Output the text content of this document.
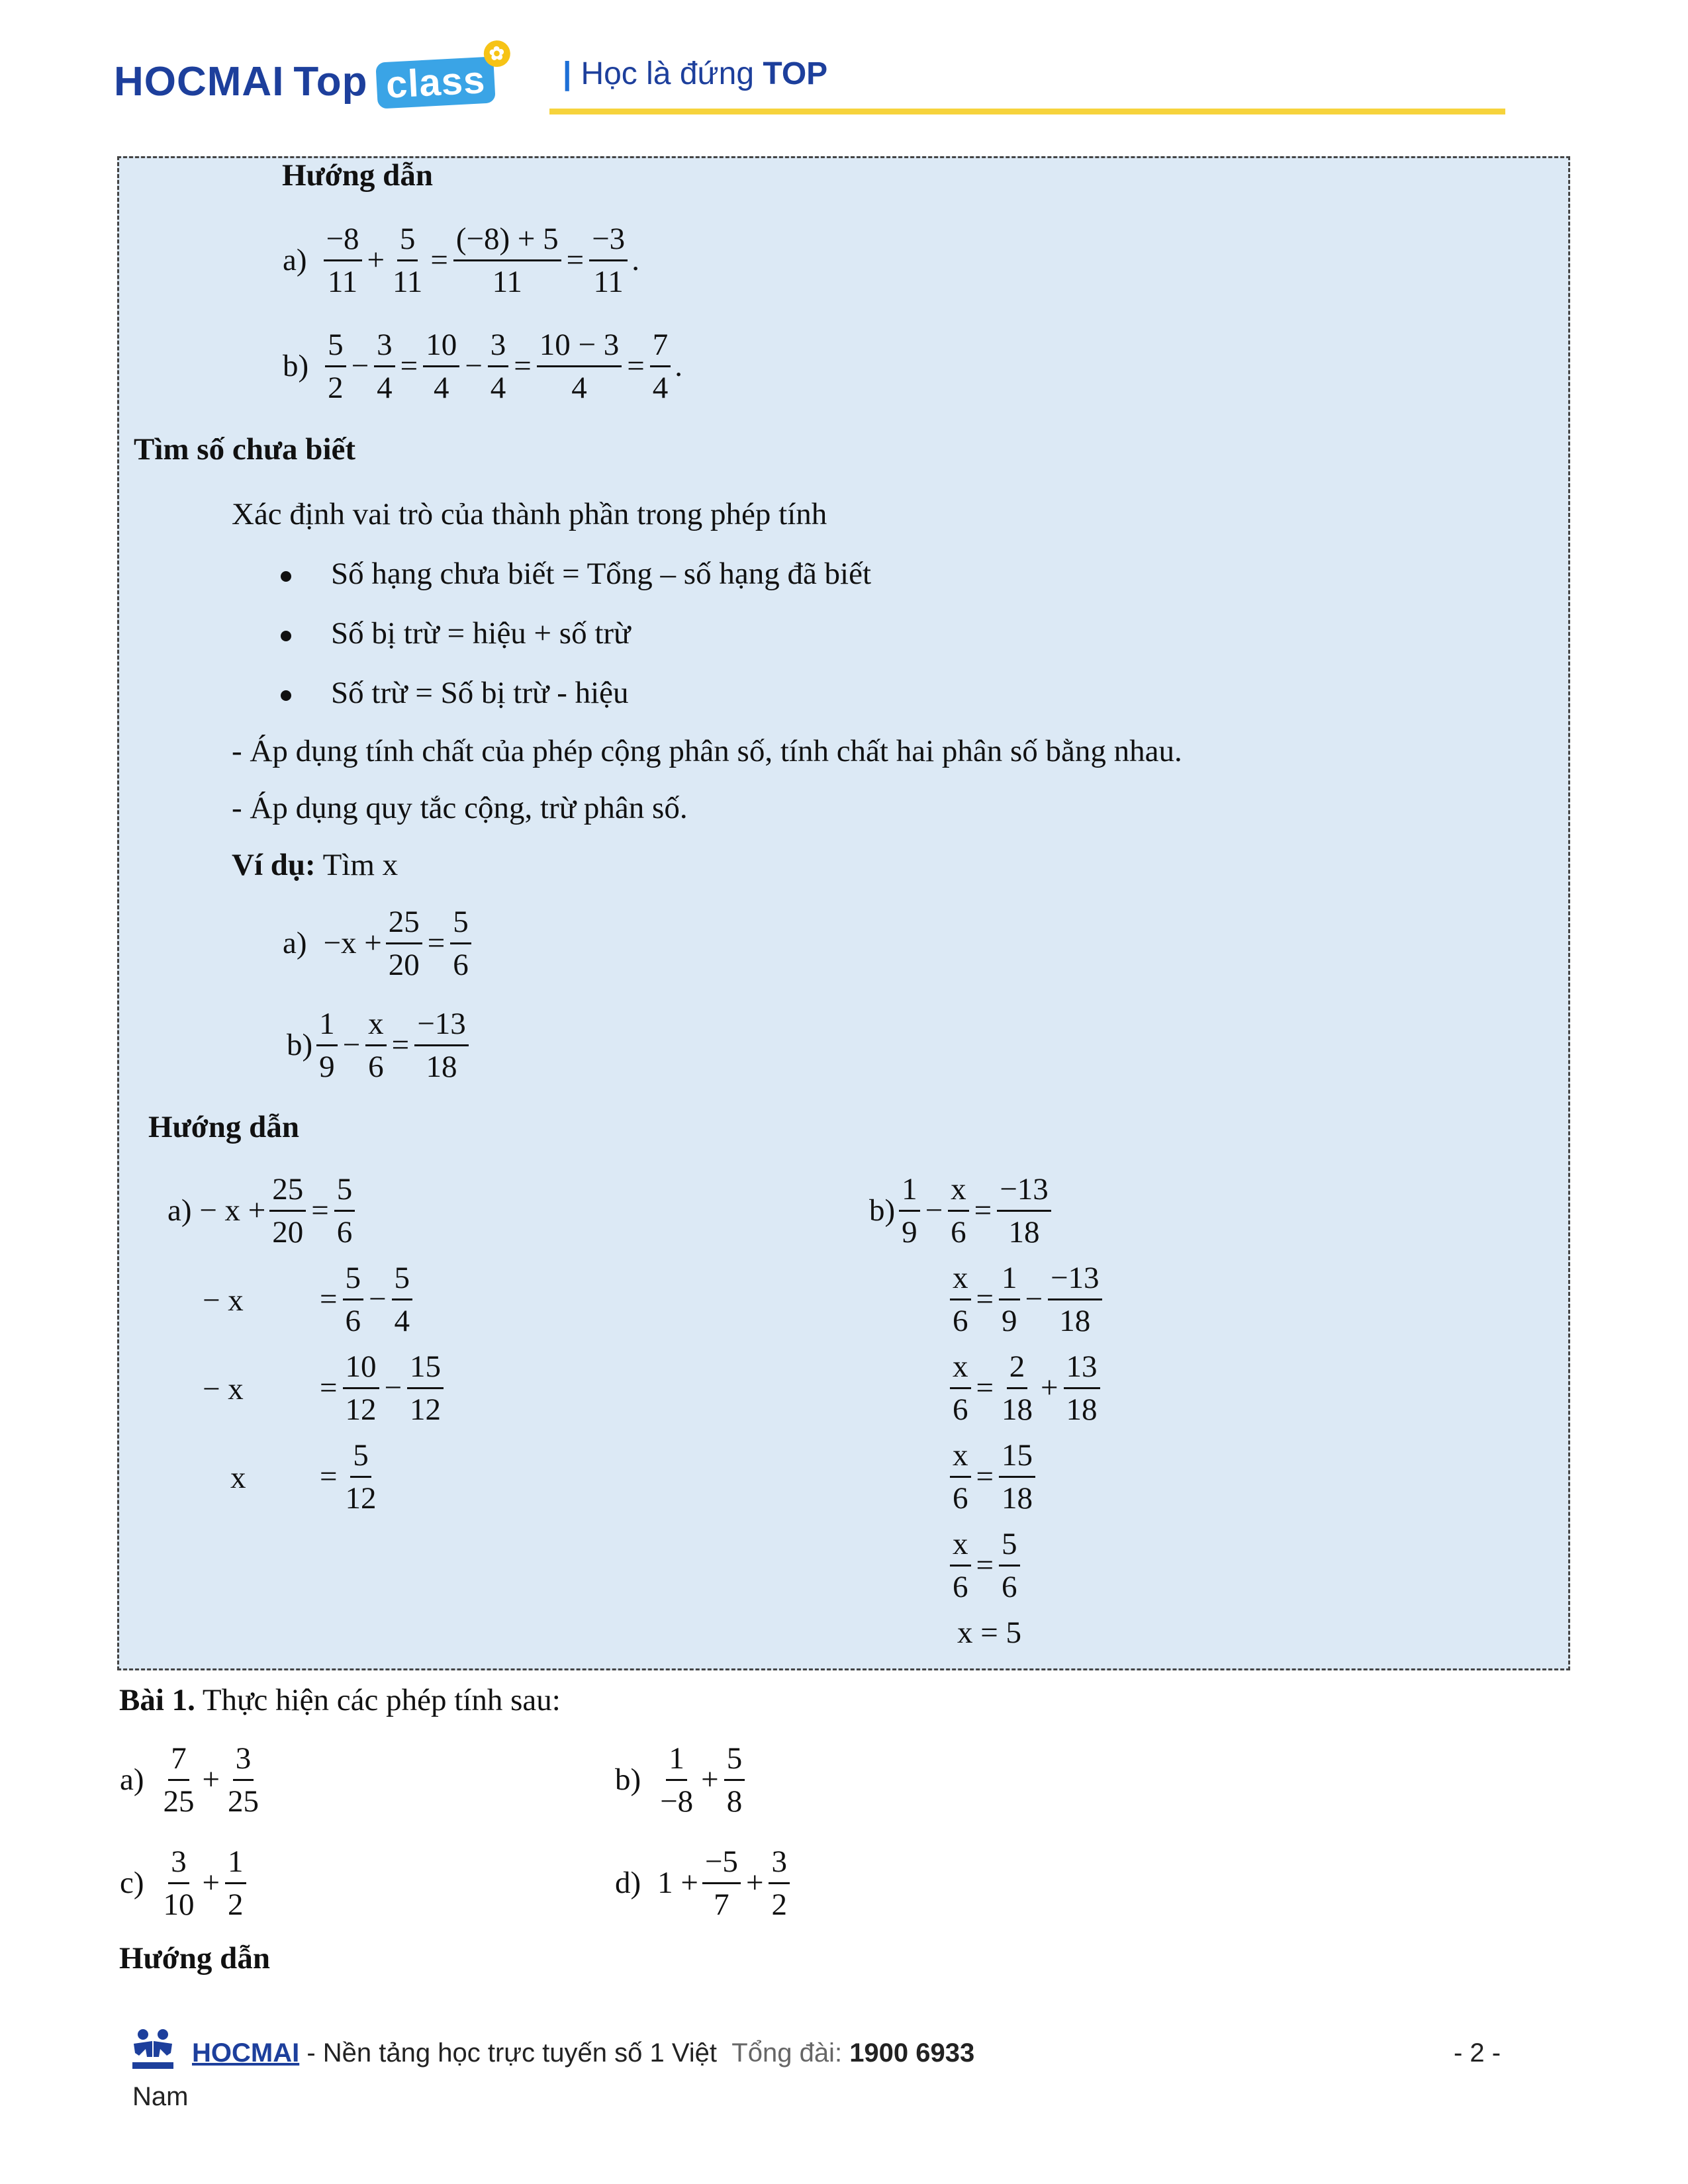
HOCMAI Top class
✿
| Học là đứng TOP
Hướng dẫn
a)
−8
11
+ $\frac{5}{11} = \frac{(-8) + 5}{11} = \frac{-3}{11}$ .
b)
5
2
− $\frac{3}{4} = \frac{10}{4} - \frac{3}{4} = \frac{10 - 3}{4} = \frac{7}{4}$ .
Tìm số chưa biết
Xác định vai trò của thành phần trong phép tính
Số hạng chưa biết = Tổng – số hạng đã biết
Số bị trừ = hiệu + số trừ
Số trừ = Số bị trừ - hiệu
- Áp dụng tính chất của phép cộng phân số, tính chất hai phân số bằng nhau.
- Áp dụng quy tắc cộng, trừ phân số.
Ví dụ: Tìm x
$a) -x + \frac{25}{20} = \frac{5}{6}$
b)
1
9
− $\frac{x}{6} = \frac{-13}{18}$
Hướng dẫn
$a) - x + \frac{25}{20} = \frac{5}{6}$
− $x = \frac{5}{6} - \frac{5}{4}$
− $x = \frac{10}{12} - \frac{15}{12}$
$x = \frac{5}{12}$
b)
1
9
− $\frac{x}{6} = \frac{-13}{18}$
$\frac{x}{6} = \frac{1}{9} - \frac{-13}{18}$
$\frac{x}{6} = \frac{2}{18} + \frac{13}{18}$
$\frac{x}{6} = \frac{15}{18}$
$\frac{x}{6} = \frac{5}{6}$
x = 5
Bài 1. Thực hiện các phép tính sau:
a)
7
25
+ $\frac{3}{25}$	b)
1
−8
+ $\frac{5}{8}$
c)
3
10
+ $\frac{1}{2}$	d) $1 + \frac{-5}{7} + \frac{3}{2}$
Hướng dẫn
HOCMAI - Nền tảng học trực tuyến số 1 Việt Tổng đài: 1900 6933	- 2 -
Nam
